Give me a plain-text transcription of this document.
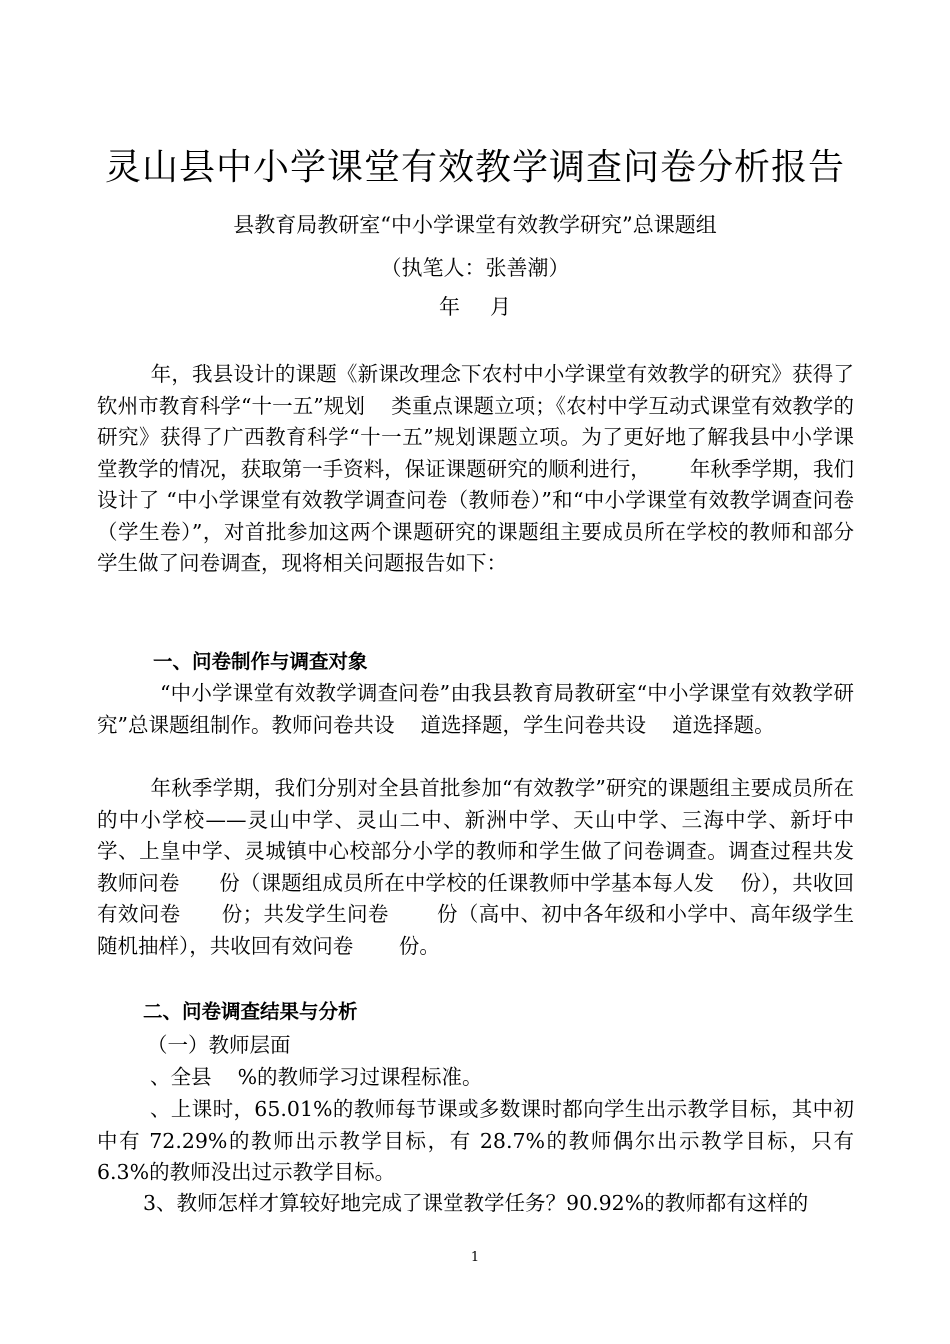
灵山县中小学课堂有效教学调查问卷分析报告
县教育局教研室“中小学课堂有效教学研究”总课题组
（执笔人：张善潮）
年 月

年，我县设计的课题《新课改理念下农村中小学课堂有效教学的研究》获得了钦州市教育科学“十一五”规划    类重点课题立项；《农村中学互动式课堂有效教学的研究》获得了广西教育科学“十一五”规划课题立项。为了更好地了解我县中小学课堂教学的情况，获取第一手资料，保证课题研究的顺利进行，      年秋季学期，我们设计了 “中小学课堂有效教学调查问卷（教师卷）”和“中小学课堂有效教学调查问卷（学生卷）”，对首批参加这两个课题研究的课题组主要成员所在学校的教师和部分学生做了问卷调查，现将相关问题报告如下：

一、问卷制作与调查对象

“中小学课堂有效教学调查问卷”由我县教育局教研室“中小学课堂有效教学研究”总课题组制作。教师问卷共设    道选择题，学生问卷共设    道选择题。

年秋季学期，我们分别对全县首批参加“有效教学”研究的课题组主要成员所在的中小学校——灵山中学、灵山二中、新洲中学、天山中学、三海中学、新圩中学、上皇中学、灵城镇中心校部分小学的教师和学生做了问卷调查。调查过程共发教师问卷      份（课题组成员所在中学校的任课教师中学基本每人发    份），共收回有效问卷      份；共发学生问卷       份（高中、初中各年级和小学中、高年级学生随机抽样），共收回有效问卷       份。

二、问卷调查结果与分析

（一）教师层面

、全县    %的教师学习过课程标准。

、上课时，65.01%的教师每节课或多数课时都向学生出示教学目标，其中初中有 72.29%的教师出示教学目标，有 28.7%的教师偶尔出示教学目标，只有 6.3%的教师没出过示教学目标。

3、教师怎样才算较好地完成了课堂教学任务？90.92%的教师都有这样的

1
